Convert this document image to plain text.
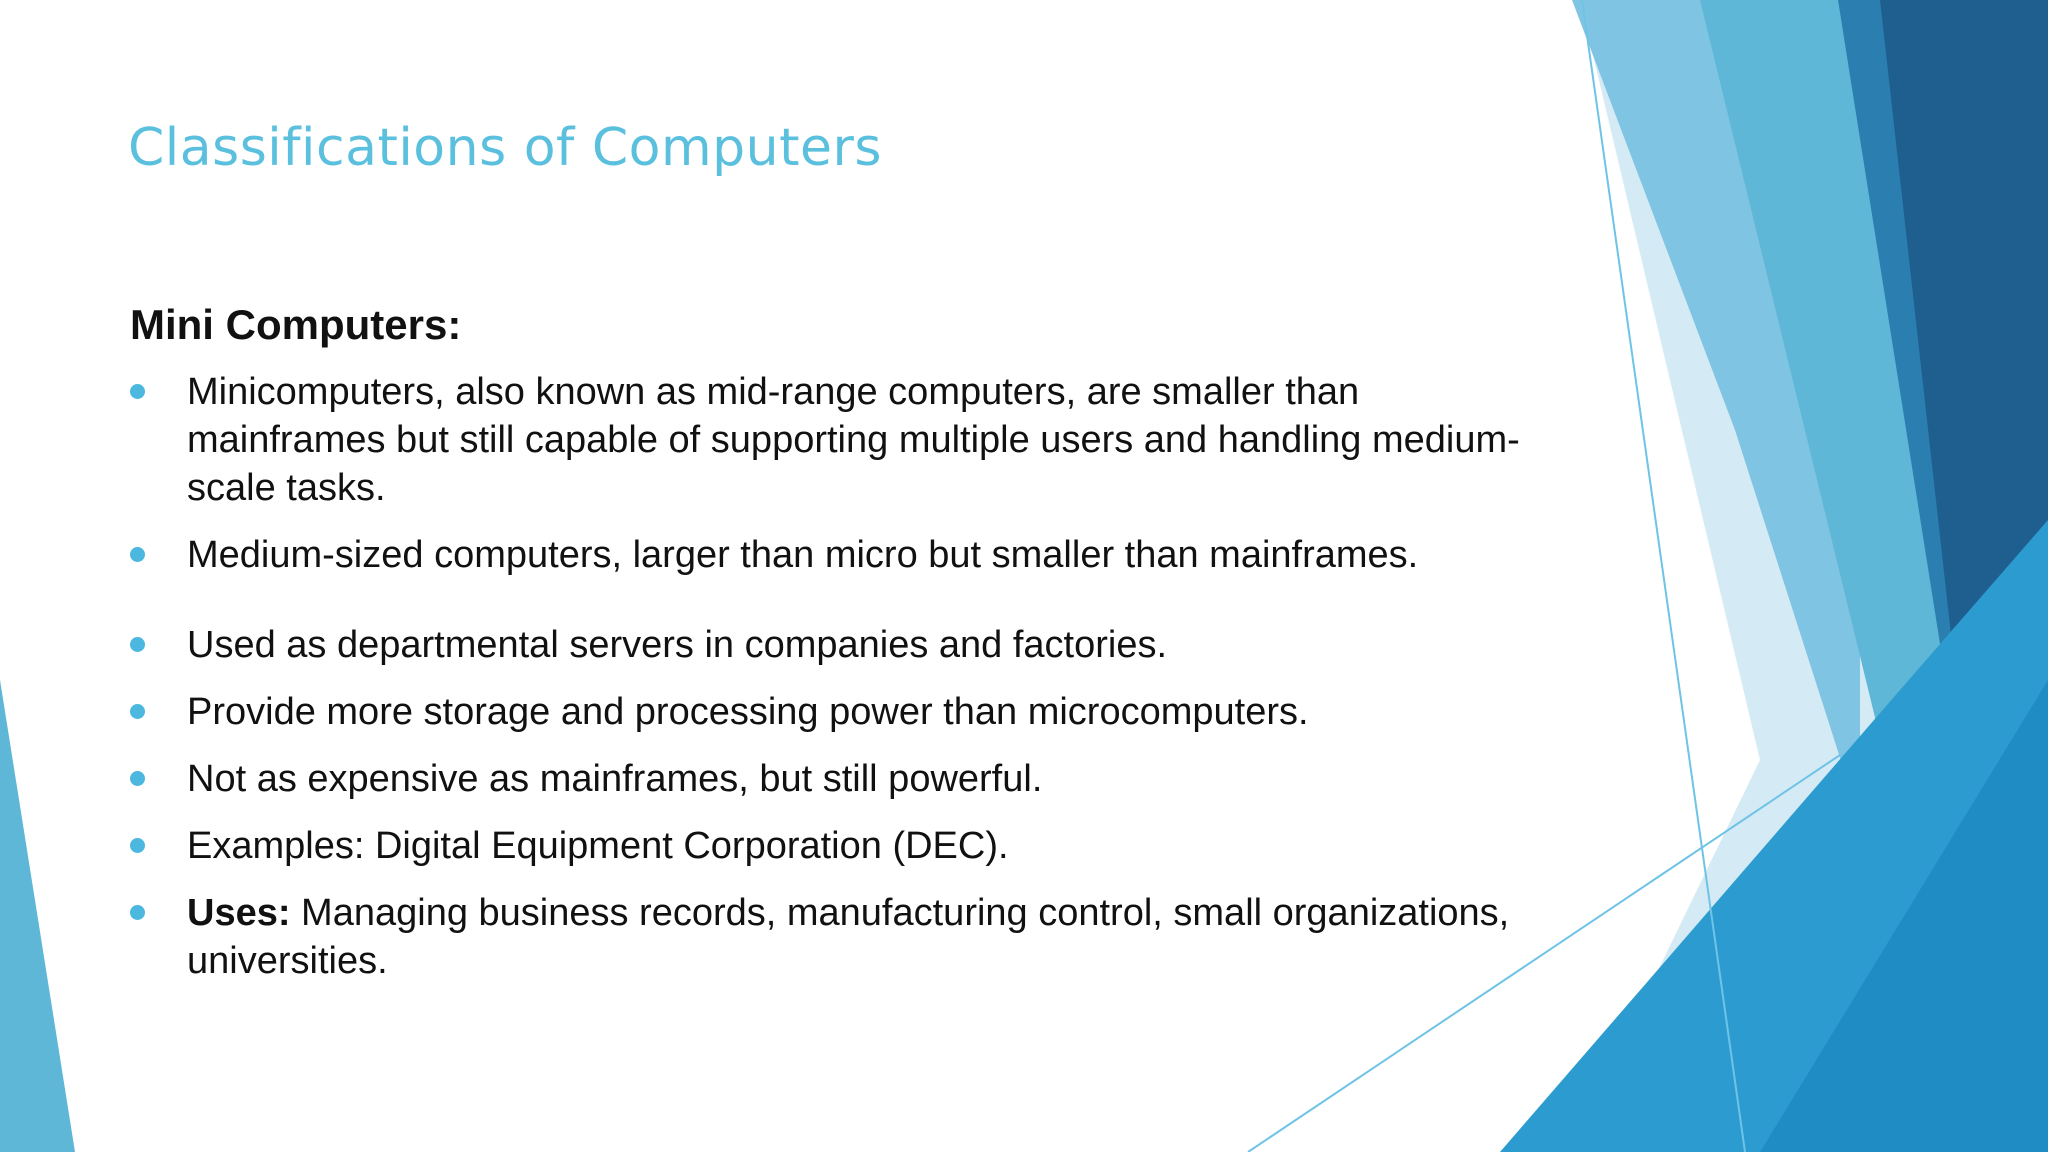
Classifications of Computers
Mini Computers:
Minicomputers, also known as mid-range computers, are smaller than mainframes but still capable of supporting multiple users and handling medium-scale tasks.
Medium-sized computers, larger than micro but smaller than mainframes.
Used as departmental servers in companies and factories.
Provide more storage and processing power than microcomputers.
Not as expensive as mainframes, but still powerful.
Examples: Digital Equipment Corporation (DEC).
Uses: Managing business records, manufacturing control, small organizations, universities.
